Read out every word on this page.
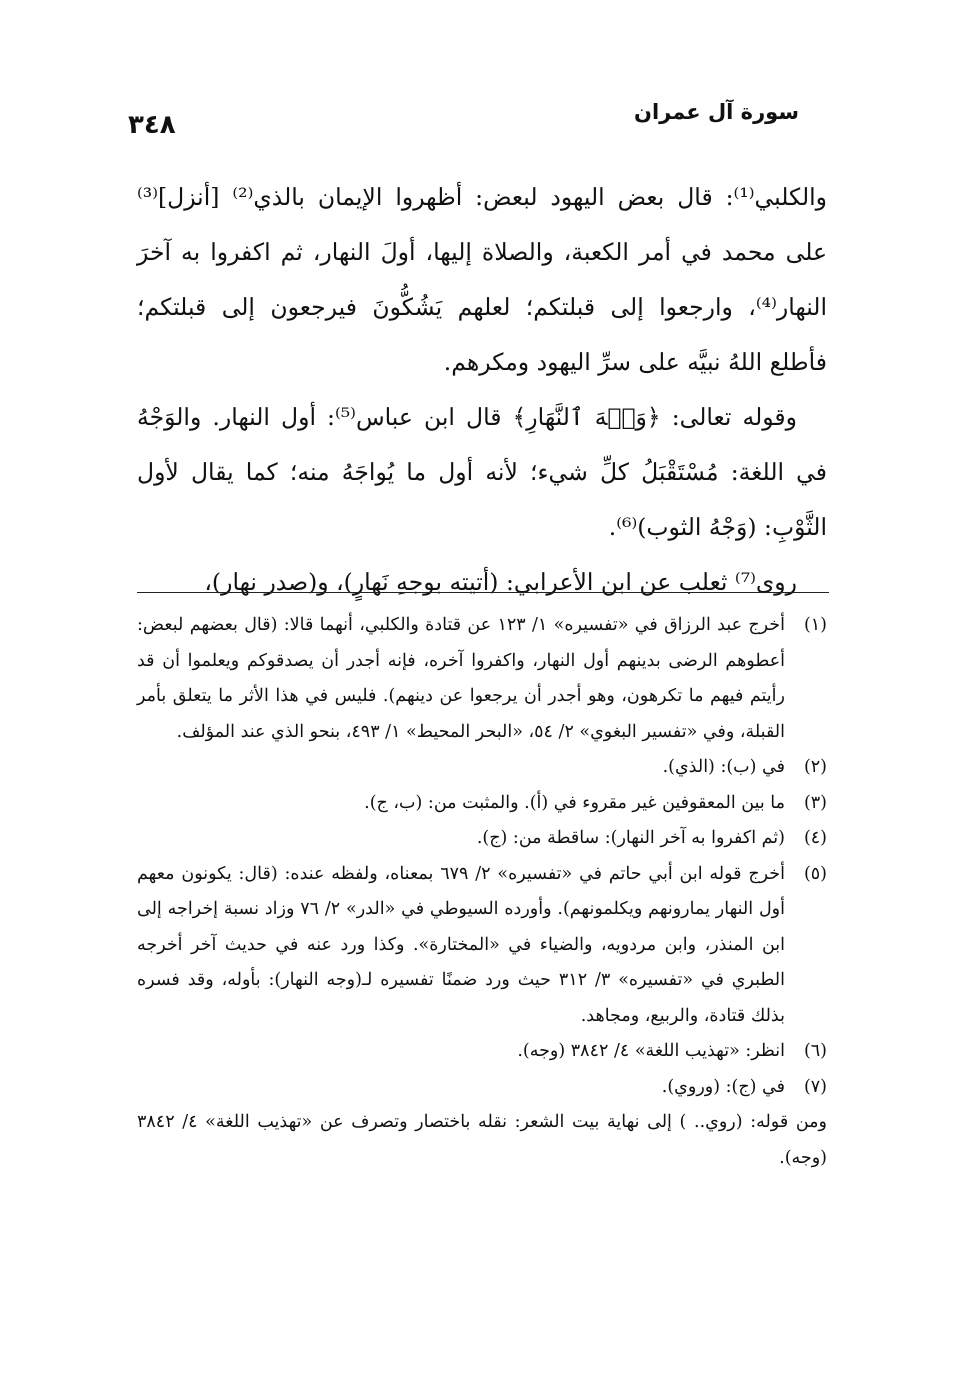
سورة آل عمران
٣٤٨

والكلبي⁽¹⁾: قال بعض اليهود لبعض: أظهروا الإيمان بالذي⁽²⁾ [أنزل]⁽³⁾ على محمد في أمر الكعبة، والصلاة إليها، أولَ النهار، ثم اكفروا به آخرَ النهار⁽⁴⁾، وارجعوا إلى قبلتكم؛ لعلهم يَشُكُّونَ فيرجعون إلى قبلتكم؛ فأطلع اللهُ نبيَّه على سرِّ اليهود ومكرهم.

وقوله تعالى: ﴿وَجۡهَ ٱلنَّهَارِ﴾ قال ابن عباس⁽⁵⁾: أول النهار. والوَجْهُ في اللغة: مُسْتَقْبَلُ كلِّ شيء؛ لأنه أول ما يُواجَهُ منه؛ كما يقال لأول الثَّوْبِ: (وَجْهُ الثوب)⁽⁶⁾.

روى⁽⁷⁾ ثعلب عن ابن الأعرابي: (أتيته بوجهِ نَهارٍ)، و(صدر نهار)،

(١)
أخرج عبد الرزاق في «تفسيره» ١/ ١٢٣ عن قتادة والكلبي، أنهما قالا: (قال بعضهم لبعض: أعطوهم الرضى بدينهم أول النهار، واكفروا آخره، فإنه أجدر أن يصدقوكم ويعلموا أن قد رأيتم فيهم ما تكرهون، وهو أجدر أن يرجعوا عن دينهم). فليس في هذا الأثر ما يتعلق بأمر القبلة، وفي «تفسير البغوي» ٢/ ٥٤، «البحر المحيط» ١/ ٤٩٣، بنحو الذي عند المؤلف.
(٢)
في (ب): (الذي).
(٣)
ما بين المعقوفين غير مقروء في (أ). والمثبت من: (ب، ج).
(٤)
(ثم اكفروا به آخر النهار): ساقطة من: (ج).
(٥)
أخرج قوله ابن أبي حاتم في «تفسيره» ٢/ ٦٧٩ بمعناه، ولفظه عنده: (قال: يكونون معهم أول النهار يمارونهم ويكلمونهم). وأورده السيوطي في «الدر» ٢/ ٧٦ وزاد نسبة إخراجه إلى ابن المنذر، وابن مردويه، والضياء في «المختارة». وكذا ورد عنه في حديث آخر أخرجه الطبري في «تفسيره» ٣/ ٣١٢ حيث ورد ضمنًا تفسيره لـ(وجه النهار): بأوله، وقد فسره بذلك قتادة، والربيع، ومجاهد.
(٦)
انظر: «تهذيب اللغة» ٤/ ٣٨٤٢ (وجه).
(٧)
في (ج): (وروي).
ومن قوله: (روي.. ) إلى نهاية بيت الشعر: نقله باختصار وتصرف عن «تهذيب اللغة» ٤/ ٣٨٤٢ (وجه).
